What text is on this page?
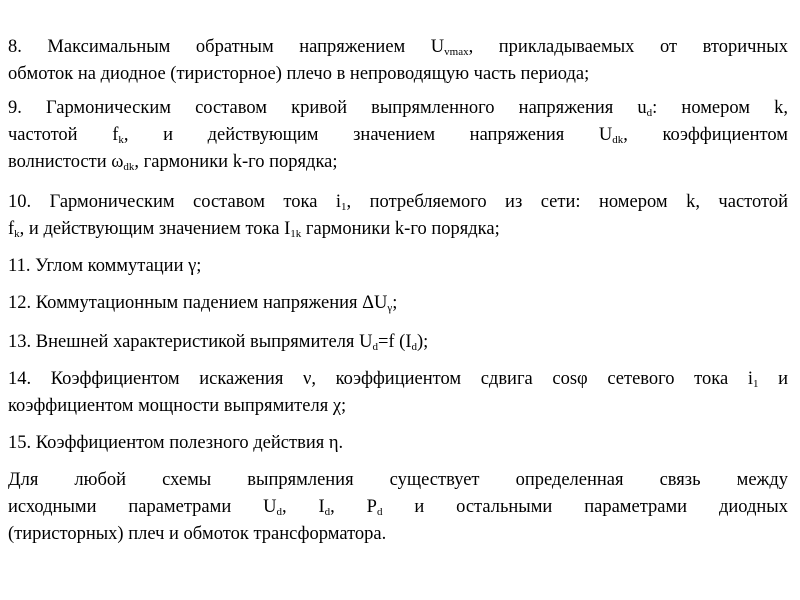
8. Максимальным обратным напряжением $U_{vmax}$, прикладываемых от вторичных
обмоток на диодное (тиристорное) плечо в непроводящую часть периода;
9. Гармоническим составом кривой выпрямленного напряжения $u_d$: номером k,
частотой $f_k$, и действующим значением напряжения $U_{dk}$, коэффициентом
волнистости $\omega_{dk}$, гармоники k-го порядка;
10. Гармоническим составом тока $i_1$, потребляемого из сети: номером k, частотой
$f_k$, и действующим значением тока $I_{1k}$ гармоники k-го порядка;
11. Углом коммутации γ;
12. Коммутационным падением напряжения $\Delta U_\gamma$;
13. Внешней характеристикой выпрямителя $U_d=f$ $(I_d)$;
14. Коэффициентом искажения ν, коэффициентом сдвига cosφ сетевого тока $i_1$ и
коэффициентом мощности выпрямителя χ;
15. Коэффициентом полезного действия η.
Для любой схемы выпрямления существует определенная связь между
исходными параметрами $U_d$, $I_d$, $P_d$ и остальными параметрами диодных
(тиристорных) плеч и обмоток трансформатора.
